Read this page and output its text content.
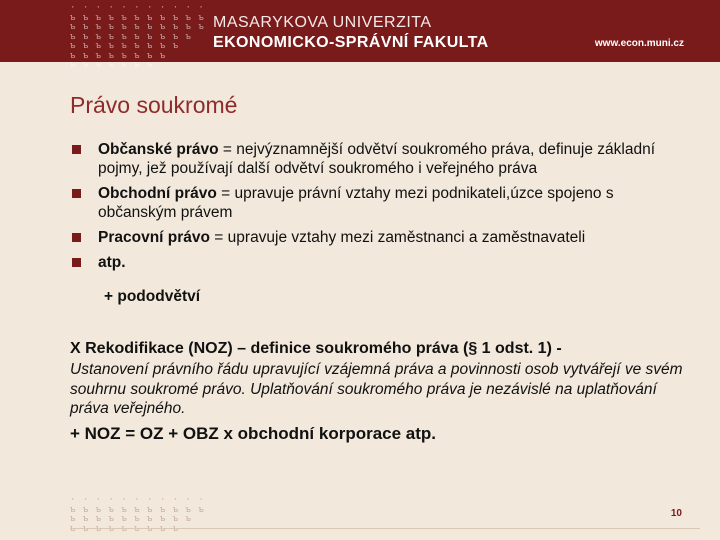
· · · · · · · · · · ·
ъ ъ ъ ъ ъ ъ ъ ъ ъ ъ ъ
ъ ъ ъ ъ ъ ъ ъ ъ ъ ъ ъ
ъ ъ ъ ъ ъ ъ ъ ъ ъ ъ
ъ ъ ъ ъ ъ ъ ъ ъ ъ
ъ ъ ъ ъ ъ ъ ъ ъ
ъ ъ ъ ъ ъ ъ ъ
MASARYKOVA UNIVERZITA
EKONOMICKO-SPRÁVNÍ FAKULTA	www.econ.muni.cz
Právo soukromé
Občanské právo = nejvýznamnější odvětví soukromého práva, definuje základní pojmy, jež používají další odvětví soukromého i veřejného práva
Obchodní právo = upravuje právní vztahy mezi podnikateli,úzce spojeno s občanským právem
Pracovní právo = upravuje vztahy mezi zaměstnanci a zaměstnavateli
atp.
+ pododvětví
X Rekodifikace (NOZ) – definice soukromého práva (§ 1 odst. 1) -
Ustanovení právního řádu upravující vzájemná práva a povinnosti osob vytvářejí ve svém souhrnu soukromé právo. Uplatňování soukromého práva je nezávislé na uplatňování práva veřejného.
+ NOZ = OZ + OBZ x obchodní korporace atp.
· · · · · · · · · · ·
ъ ъ ъ ъ ъ ъ ъ ъ ъ ъ ъ
ъ ъ ъ ъ ъ ъ ъ ъ ъ ъ	10
